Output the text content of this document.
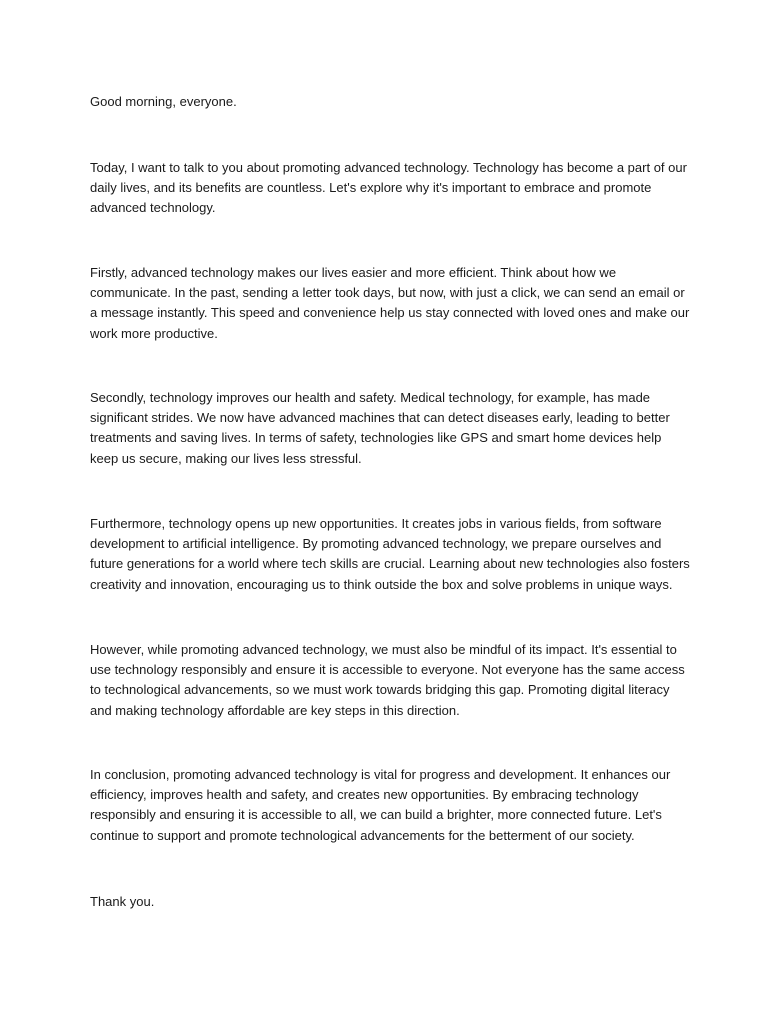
Good morning, everyone.

Today, I want to talk to you about promoting advanced technology. Technology has become a part of our daily lives, and its benefits are countless. Let's explore why it's important to embrace and promote advanced technology.

Firstly, advanced technology makes our lives easier and more efficient. Think about how we communicate. In the past, sending a letter took days, but now, with just a click, we can send an email or a message instantly. This speed and convenience help us stay connected with loved ones and make our work more productive.

Secondly, technology improves our health and safety. Medical technology, for example, has made significant strides. We now have advanced machines that can detect diseases early, leading to better treatments and saving lives. In terms of safety, technologies like GPS and smart home devices help keep us secure, making our lives less stressful.

Furthermore, technology opens up new opportunities. It creates jobs in various fields, from software development to artificial intelligence. By promoting advanced technology, we prepare ourselves and future generations for a world where tech skills are crucial. Learning about new technologies also fosters creativity and innovation, encouraging us to think outside the box and solve problems in unique ways.

However, while promoting advanced technology, we must also be mindful of its impact. It's essential to use technology responsibly and ensure it is accessible to everyone. Not everyone has the same access to technological advancements, so we must work towards bridging this gap. Promoting digital literacy and making technology affordable are key steps in this direction.

In conclusion, promoting advanced technology is vital for progress and development. It enhances our efficiency, improves health and safety, and creates new opportunities. By embracing technology responsibly and ensuring it is accessible to all, we can build a brighter, more connected future. Let's continue to support and promote technological advancements for the betterment of our society.

Thank you.
